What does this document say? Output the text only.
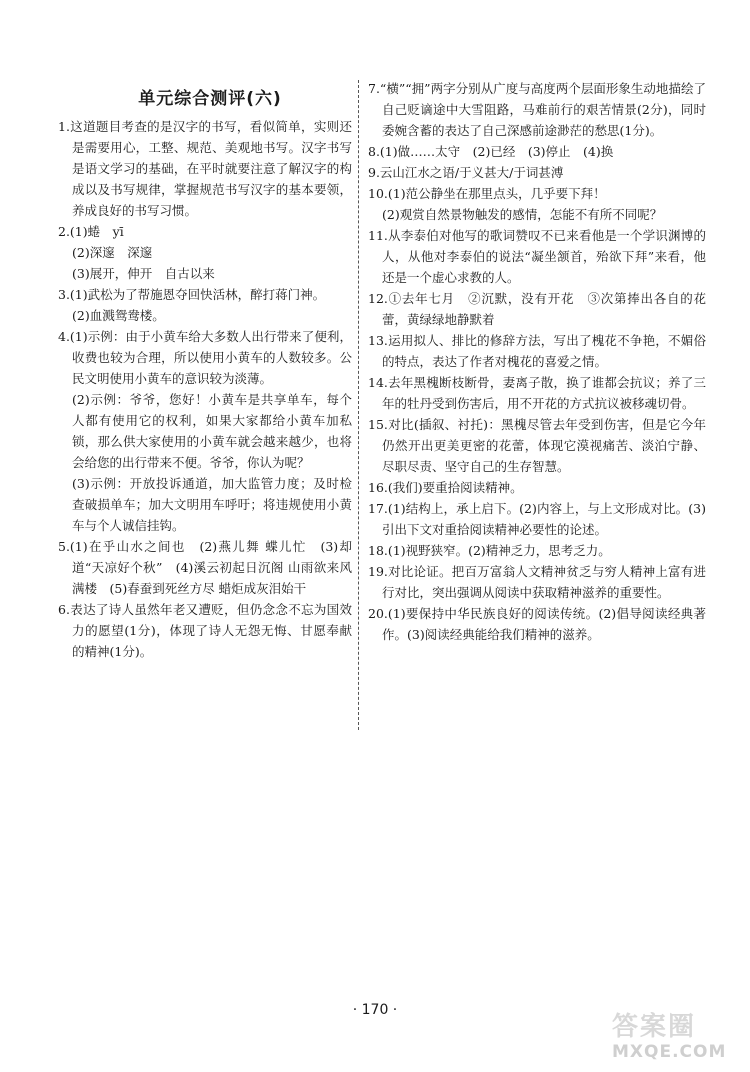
单元综合测评(六)

1.这道题目考查的是汉字的书写，看似简单，实则还是需要用心，工整、规范、美观地书写。汉字书写是语文学习的基础，在平时就要注意了解汉字的构成以及书写规律，掌握规范书写汉字的基本要领，养成良好的书写习惯。

2.(1)蜷　yī

(2)深邃　深邃

(3)展开，伸开　自古以来

3.(1)武松为了帮施恩夺回快活林，醉打蒋门神。

(2)血溅鸳鸯楼。

4.(1)示例：由于小黄车给大多数人出行带来了便利，收费也较为合理，所以使用小黄车的人数较多。公民文明使用小黄车的意识较为淡薄。

(2)示例：爷爷，您好！小黄车是共享单车，每个人都有使用它的权利，如果大家都给小黄车加私锁，那么供大家使用的小黄车就会越来越少，也将会给您的出行带来不便。爷爷，你认为呢？

(3)示例：开放投诉通道，加大监管力度；及时检查破损单车；加大文明用车呼吁；将违规使用小黄车与个人诚信挂钩。

5.(1)在乎山水之间也　(2)燕儿舞 蝶儿忙　(3)却道“天凉好个秋”　(4)溪云初起日沉阁 山雨欲来风满楼　(5)春蚕到死丝方尽 蜡炬成灰泪始干

6.表达了诗人虽然年老又遭贬，但仍念念不忘为国效力的愿望(1分)，体现了诗人无怨无悔、甘愿奉献的精神(1分)。

7.“横”“拥”两字分别从广度与高度两个层面形象生动地描绘了自己贬谪途中大雪阻路，马难前行的艰苦情景(2分)，同时委婉含蓄的表达了自己深感前途渺茫的愁思(1分)。

8.(1)做……太守　(2)已经　(3)停止　(4)换

9.云山江水之语/于义甚大/于词甚溥

10.(1)范公静坐在那里点头，几乎要下拜！

(2)观赏自然景物触发的感情，怎能不有所不同呢？

11.从李泰伯对他写的歌词赞叹不已来看他是一个学识渊博的人，从他对李泰伯的说法“凝坐颔首，殆欲下拜”来看，他还是一个虚心求教的人。

12.①去年七月　②沉默，没有开花　③次第捧出各自的花蕾，黄绿绿地静默着

13.运用拟人、排比的修辞方法，写出了槐花不争艳，不媚俗的特点，表达了作者对槐花的喜爱之情。

14.去年黑槐断枝断骨，妻离子散，换了谁都会抗议；养了三年的牡丹受到伤害后，用不开花的方式抗议被移魂切骨。

15.对比(插叙、衬托)：黑槐尽管去年受到伤害，但是它今年仍然开出更美更密的花蕾，体现它漠视痛苦、淡泊宁静、尽职尽责、坚守自己的生存智慧。

16.(我们)要重拾阅读精神。

17.(1)结构上，承上启下。(2)内容上，与上文形成对比。(3)引出下文对重拾阅读精神必要性的论述。

18.(1)视野狭窄。(2)精神乏力，思考乏力。

19.对比论证。把百万富翁人文精神贫乏与穷人精神上富有进行对比，突出强调从阅读中获取精神滋养的重要性。

20.(1)要保持中华民族良好的阅读传统。(2)倡导阅读经典著作。(3)阅读经典能给我们精神的滋养。

· 170 ·
答案圈
MXQE.COM
